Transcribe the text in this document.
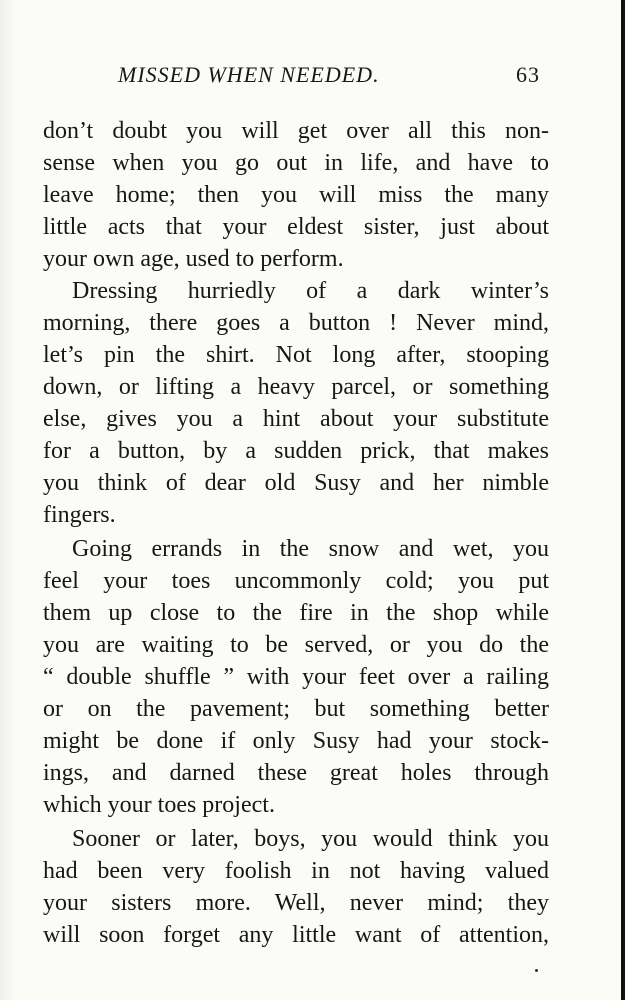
MISSED WHEN NEEDED.	63
don’t doubt you will get over all this non-
sense when you go out in life, and have to
leave home; then you will miss the many
little acts that your eldest sister, just about
your own age, used to perform.
Dressing hurriedly of a dark winter’s
morning, there goes a button ! Never mind,
let’s pin the shirt. Not long after, stooping
down, or lifting a heavy parcel, or something
else, gives you a hint about your substitute
for a button, by a sudden prick, that makes
you think of dear old Susy and her nimble
fingers.
Going errands in the snow and wet, you
feel your toes uncommonly cold; you put
them up close to the fire in the shop while
you are waiting to be served, or you do the
“ double shuffle ” with your feet over a railing
or on the pavement; but something better
might be done if only Susy had your stock-
ings, and darned these great holes through
which your toes project.
Sooner or later, boys, you would think you
had been very foolish in not having valued
your sisters more. Well, never mind; they
will soon forget any little want of attention,
